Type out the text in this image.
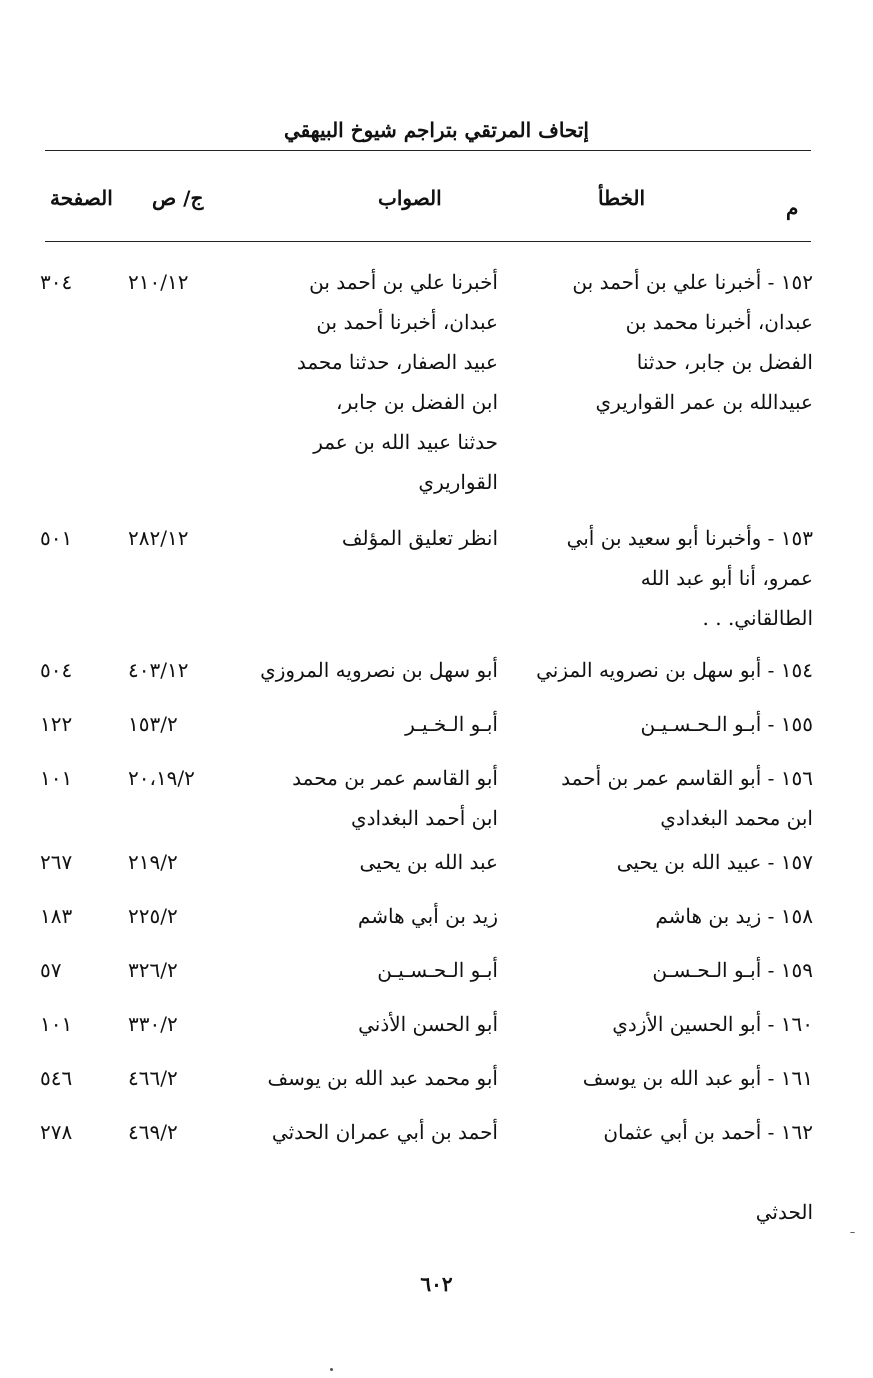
إتحاف المرتقي بتراجم شيوخ البيهقي
م
الخطأ
الصواب
ج/ ص
الصفحة
١٥٢ - أخبرنا علي بن أحمد بن
عبدان، أخبرنا محمد بن
الفضل بن جابر، حدثنا
عبيدالله بن عمر القواريري
أخبرنا علي بن أحمد بن
عبدان، أخبرنا أحمد بن
عبيد الصفار، حدثنا محمد
ابن الفضل بن جابر،
حدثنا عبيد الله بن عمر
القواريري
٢١٠/١٢
٣٠٤
١٥٣ - وأخبرنا أبو سعيد بن أبي
عمرو، أنا أبو عبد الله
الطالقاني. . .
انظر تعليق المؤلف
٢٨٢/١٢
٥٠١
١٥٤ - أبو سهل بن نصرويه المزني
أبو سهل بن نصرويه المروزي
٤٠٣/١٢
٥٠٤
١٥٥ - أبـو الـحـسـيـن
أبـو الـخـيـر
١٥٣/٢
١٢٢
١٥٦ - أبو القاسم عمر بن أحمد
ابن محمد البغدادي
أبو القاسم عمر بن محمد
ابن أحمد البغدادي
٢٠،١٩/٢
١٠١
١٥٧ - عبيد الله بن يحيى
عبد الله بن يحيى
٢١٩/٢
٢٦٧
١٥٨ - زيد بن هاشم
زيد بن أبي هاشم
٢٢٥/٢
١٨٣
١٥٩ - أبـو الـحـسـن
أبـو الـحـسـيـن
٣٢٦/٢
٥٧
١٦٠ - أبو الحسين الأزدي
أبو الحسن الأذني
٣٣٠/٢
١٠١
١٦١ - أبو عبد الله بن يوسف
أبو محمد عبد الله بن يوسف
٤٦٦/٢
٥٤٦
١٦٢ - أحمد بن أبي عثمان

الحدثي
أحمد بن أبي عمران الحدثي
٤٦٩/٢
٢٧٨
٦٠٢
